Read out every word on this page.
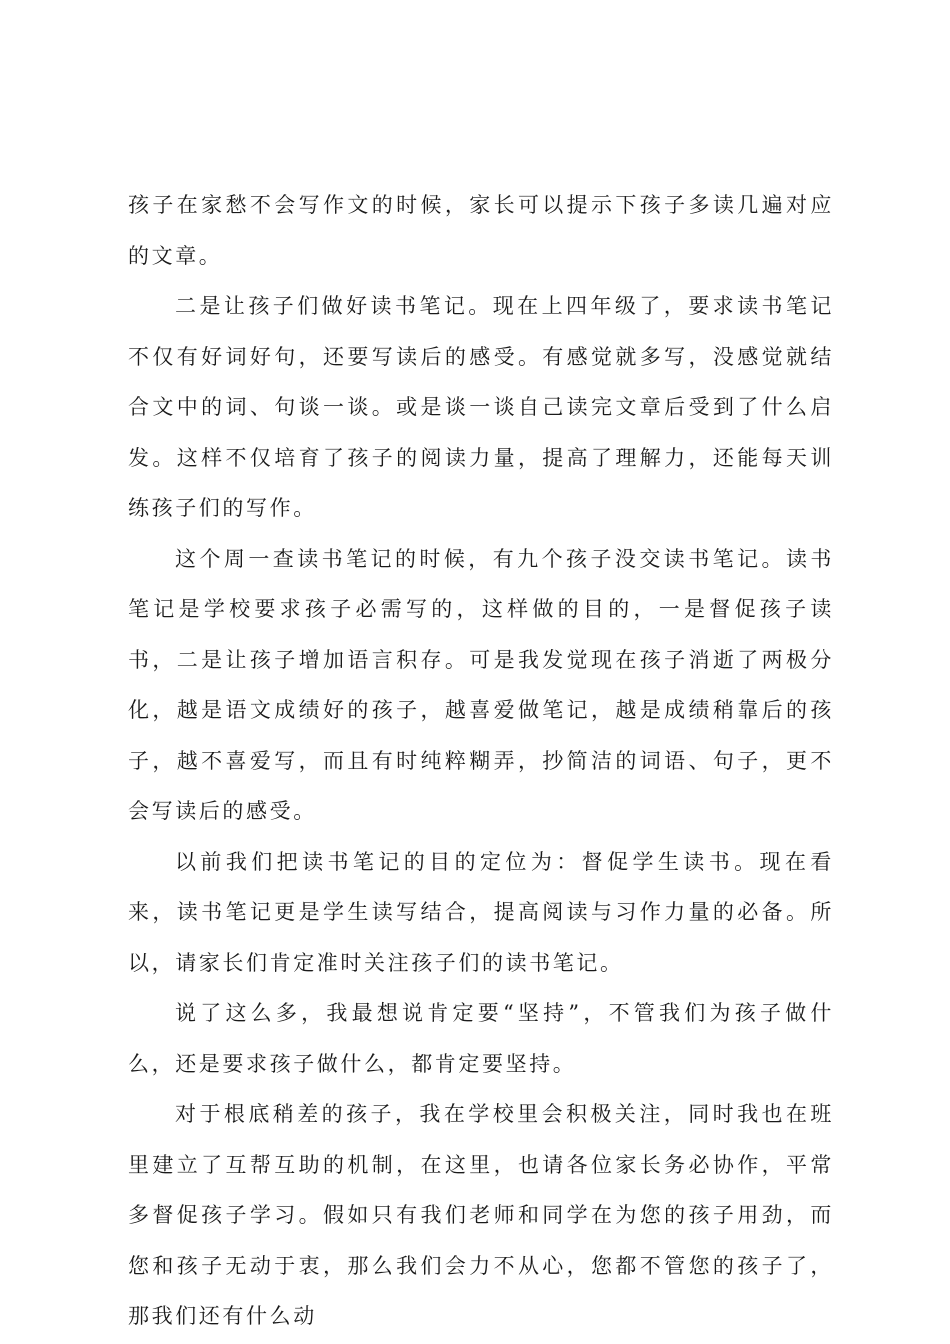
孩子在家愁不会写作文的时候，家长可以提示下孩子多读几遍对应的文章。

二是让孩子们做好读书笔记。现在上四年级了，要求读书笔记不仅有好词好句，还要写读后的感受。有感觉就多写，没感觉就结合文中的词、句谈一谈。或是谈一谈自己读完文章后受到了什么启发。这样不仅培育了孩子的阅读力量，提高了理解力，还能每天训练孩子们的写作。

这个周一查读书笔记的时候，有九个孩子没交读书笔记。读书笔记是学校要求孩子必需写的，这样做的目的，一是督促孩子读书，二是让孩子增加语言积存。可是我发觉现在孩子消逝了两极分化，越是语文成绩好的孩子，越喜爱做笔记，越是成绩稍靠后的孩子，越不喜爱写，而且有时纯粹糊弄，抄简洁的词语、句子，更不会写读后的感受。

以前我们把读书笔记的目的定位为：督促学生读书。现在看来，读书笔记更是学生读写结合，提高阅读与习作力量的必备。所以，请家长们肯定准时关注孩子们的读书笔记。

说了这么多，我最想说肯定要“坚持”，不管我们为孩子做什么，还是要求孩子做什么，都肯定要坚持。

对于根底稍差的孩子，我在学校里会积极关注，同时我也在班里建立了互帮互助的机制，在这里，也请各位家长务必协作，平常多督促孩子学习。假如只有我们老师和同学在为您的孩子用劲，而您和孩子无动于衷，那么我们会力不从心，您都不管您的孩子了，那我们还有什么动
